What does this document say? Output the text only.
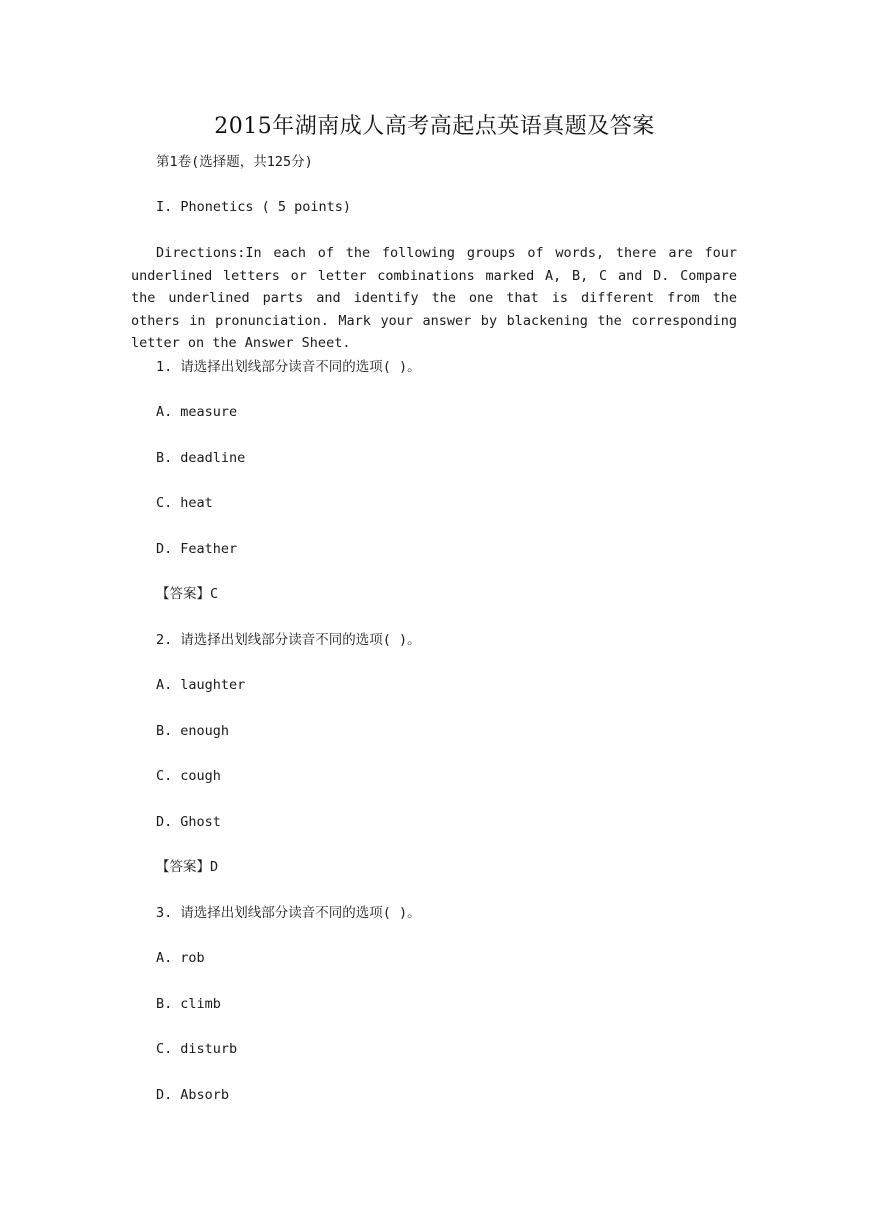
2015年湖南成人高考高起点英语真题及答案
第1卷(选择题，共125分)
I. Phonetics ( 5 points)
Directions:In each of the following groups of words, there are four underlined letters or letter combinations marked A, B, C and D. Compare the underlined parts and identify the one that is different from the others in pronunciation. Mark your answer by blackening the corresponding letter on the Answer Sheet.
1. 请选择出划线部分读音不同的选项( )。
A. measure
B. deadline
C. heat
D. Feather
【答案】C
2. 请选择出划线部分读音不同的选项( )。
A. laughter
B. enough
C. cough
D. Ghost
【答案】D
3. 请选择出划线部分读音不同的选项( )。
A. rob
B. climb
C. disturb
D. Absorb
